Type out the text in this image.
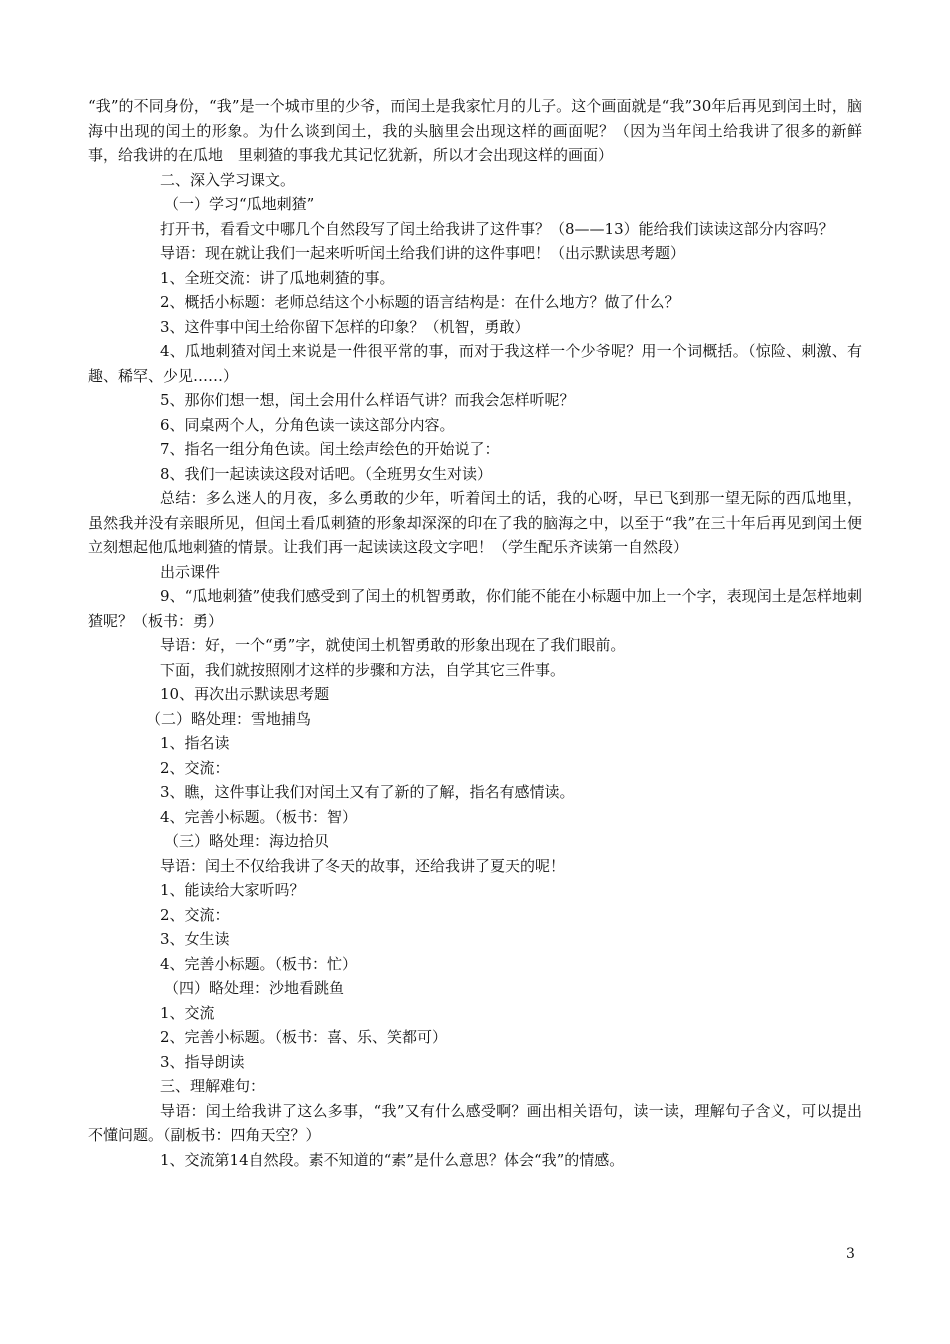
“我”的不同身份，“我”是一个城市里的少爷，而闰土是我家忙月的儿子。这个画面就是“我”30年后再见到闰土时，脑海中出现的闰土的形象。为什么谈到闰土，我的头脑里会出现这样的画面呢？（因为当年闰土给我讲了很多的新鲜事，给我讲的在瓜地　里刺猹的事我尤其记忆犹新，所以才会出现这样的画面）

二、深入学习课文。

（一）学习“瓜地刺猹”

打开书，看看文中哪几个自然段写了闰土给我讲了这件事？（8——13）能给我们读读这部分内容吗？

导语：现在就让我们一起来听听闰土给我们讲的这件事吧！（出示默读思考题）

1、全班交流：讲了瓜地刺猹的事。

2、概括小标题：老师总结这个小标题的语言结构是：在什么地方？做了什么？

3、这件事中闰土给你留下怎样的印象？（机智，勇敢）

4、瓜地刺猹对闰土来说是一件很平常的事，而对于我这样一个少爷呢？用一个词概括。（惊险、刺激、有趣、稀罕、少见……）

5、那你们想一想，闰土会用什么样语气讲？而我会怎样听呢？

6、同桌两个人，分角色读一读这部分内容。

7、指名一组分角色读。闰土绘声绘色的开始说了：

8、我们一起读读这段对话吧。（全班男女生对读）

总结：多么迷人的月夜，多么勇敢的少年，听着闰土的话，我的心呀，早已飞到那一望无际的西瓜地里，虽然我并没有亲眼所见，但闰土看瓜刺猹的形象却深深的印在了我的脑海之中，以至于“我”在三十年后再见到闰土便立刻想起他瓜地刺猹的情景。让我们再一起读读这段文字吧！（学生配乐齐读第一自然段）

出示课件

9、“瓜地刺猹”使我们感受到了闰土的机智勇敢，你们能不能在小标题中加上一个字，表现闰土是怎样地刺猹呢？（板书：勇）

导语：好，一个“勇”字，就使闰土机智勇敢的形象出现在了我们眼前。

下面，我们就按照刚才这样的步骤和方法，自学其它三件事。

10、再次出示默读思考题

（二）略处理：雪地捕鸟

1、指名读

2、交流：

3、瞧，这件事让我们对闰土又有了新的了解，指名有感情读。

4、完善小标题。（板书：智）

（三）略处理：海边拾贝

导语：闰土不仅给我讲了冬天的故事，还给我讲了夏天的呢！

1、能读给大家听吗？

2、交流：

3、女生读

4、完善小标题。（板书：忙）

（四）略处理：沙地看跳鱼

1、交流

2、完善小标题。（板书：喜、乐、笑都可）

3、指导朗读

三、理解难句：

导语：闰土给我讲了这么多事，“我”又有什么感受啊？画出相关语句，读一读，理解句子含义，可以提出不懂问题。（副板书：四角天空？）

1、交流第14自然段。素不知道的“素”是什么意思？体会“我”的情感。

3
